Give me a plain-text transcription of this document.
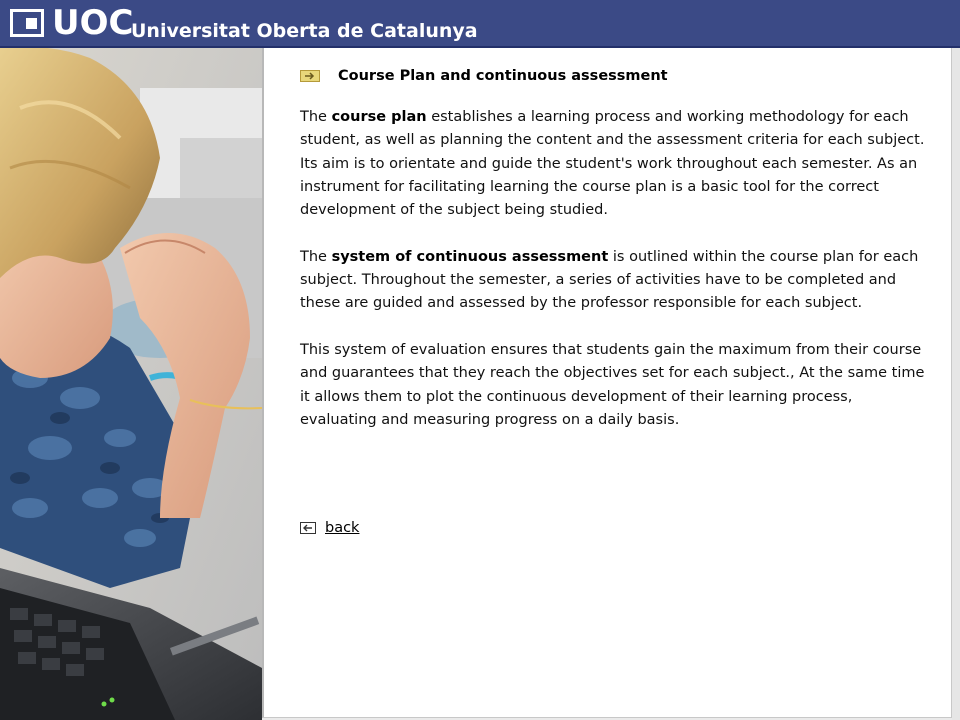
UOC
Universitat Oberta de Catalunya
Course Plan and continuous assessment

The course plan establishes a learning process and working methodology for each student, as well as planning the content and the assessment criteria for each subject. Its aim is to orientate and guide the student's work throughout each semester. As an instrument for facilitating learning the course plan is a basic tool for the correct development of the subject being studied.

The system of continuous assessment is outlined within the course plan for each subject. Throughout the semester, a series of activities have to be completed and these are guided and assessed by the professor responsible for each subject.

This system of evaluation ensures that students gain the maximum from their course and guarantees that they reach the objectives set for each subject., At the same time it allows them to plot the continuous development of their learning process, evaluating and measuring progress on a daily basis.

back
